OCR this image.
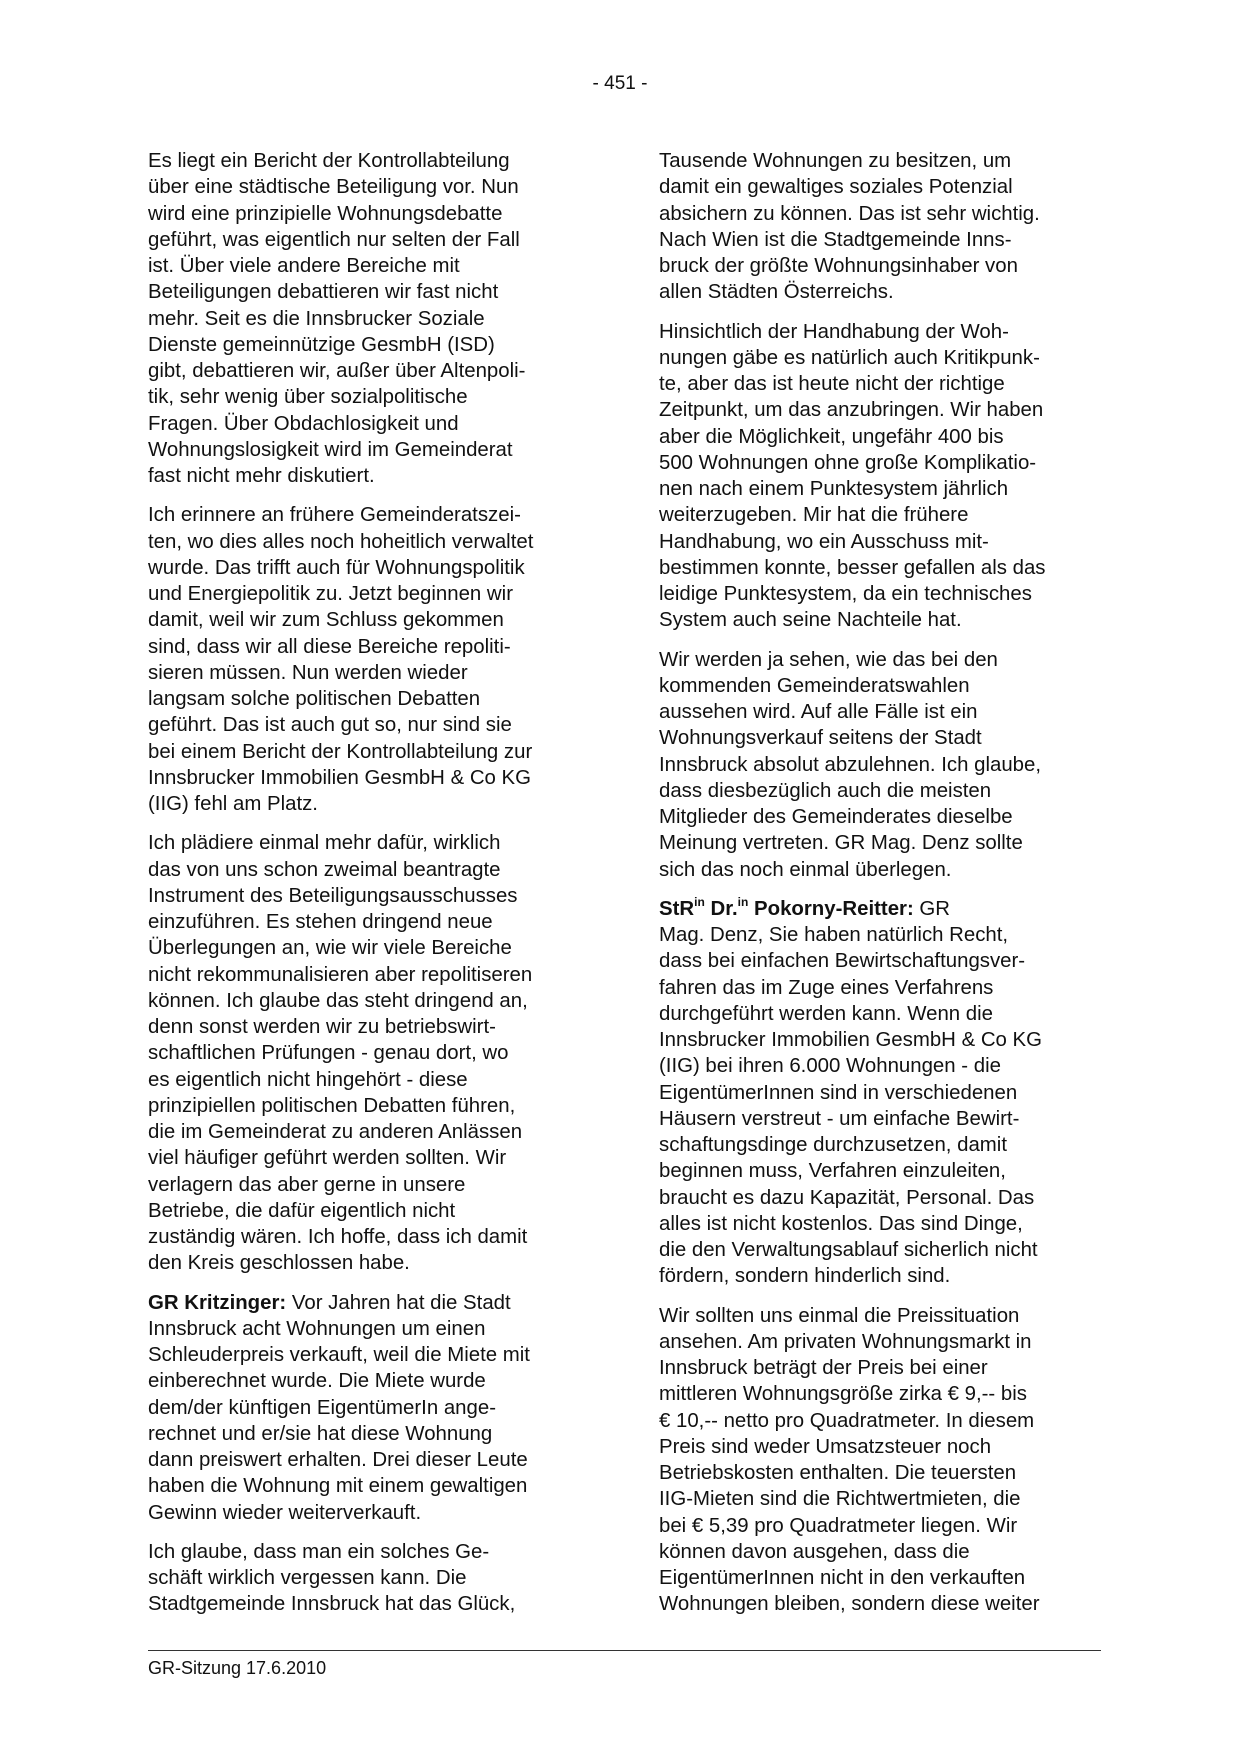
- 451 -

Es liegt ein Bericht der Kontrollabteilung
über eine städtische Beteiligung vor. Nun
wird eine prinzipielle Wohnungsdebatte
geführt, was eigentlich nur selten der Fall
ist. Über viele andere Bereiche mit
Beteiligungen debattieren wir fast nicht
mehr. Seit es die Innsbrucker Soziale
Dienste gemeinnützige GesmbH (ISD)
gibt, debattieren wir, außer über Altenpoli-
tik, sehr wenig über sozialpolitische
Fragen. Über Obdachlosigkeit und
Wohnungslosigkeit wird im Gemeinderat
fast nicht mehr diskutiert.

Ich erinnere an frühere Gemeinderatszei-
ten, wo dies alles noch hoheitlich verwaltet
wurde. Das trifft auch für Wohnungspolitik
und Energiepolitik zu. Jetzt beginnen wir
damit, weil wir zum Schluss gekommen
sind, dass wir all diese Bereiche repoliti-
sieren müssen. Nun werden wieder
langsam solche politischen Debatten
geführt. Das ist auch gut so, nur sind sie
bei einem Bericht der Kontrollabteilung zur
Innsbrucker Immobilien GesmbH & Co KG
(IIG) fehl am Platz.

Ich plädiere einmal mehr dafür, wirklich
das von uns schon zweimal beantragte
Instrument des Beteiligungsausschusses
einzuführen. Es stehen dringend neue
Überlegungen an, wie wir viele Bereiche
nicht rekommunalisieren aber repolitiseren
können. Ich glaube das steht dringend an,
denn sonst werden wir zu betriebswirt-
schaftlichen Prüfungen - genau dort, wo
es eigentlich nicht hingehört - diese
prinzipiellen politischen Debatten führen,
die im Gemeinderat zu anderen Anlässen
viel häufiger geführt werden sollten. Wir
verlagern das aber gerne in unsere
Betriebe, die dafür eigentlich nicht
zuständig wären. Ich hoffe, dass ich damit
den Kreis geschlossen habe.

GR Kritzinger: Vor Jahren hat die Stadt
Innsbruck acht Wohnungen um einen
Schleuderpreis verkauft, weil die Miete mit
einberechnet wurde. Die Miete wurde
dem/der künftigen EigentümerIn ange-
rechnet und er/sie hat diese Wohnung
dann preiswert erhalten. Drei dieser Leute
haben die Wohnung mit einem gewaltigen
Gewinn wieder weiterverkauft.

Ich glaube, dass man ein solches Ge-
schäft wirklich vergessen kann. Die
Stadtgemeinde Innsbruck hat das Glück,

Tausende Wohnungen zu besitzen, um
damit ein gewaltiges soziales Potenzial
absichern zu können. Das ist sehr wichtig.
Nach Wien ist die Stadtgemeinde Inns-
bruck der größte Wohnungsinhaber von
allen Städten Österreichs.

Hinsichtlich der Handhabung der Woh-
nungen gäbe es natürlich auch Kritikpunk-
te, aber das ist heute nicht der richtige
Zeitpunkt, um das anzubringen. Wir haben
aber die Möglichkeit, ungefähr 400 bis
500 Wohnungen ohne große Komplikatio-
nen nach einem Punktesystem jährlich
weiterzugeben. Mir hat die frühere
Handhabung, wo ein Ausschuss mit-
bestimmen konnte, besser gefallen als das
leidige Punktesystem, da ein technisches
System auch seine Nachteile hat.

Wir werden ja sehen, wie das bei den
kommenden Gemeinderatswahlen
aussehen wird. Auf alle Fälle ist ein
Wohnungsverkauf seitens der Stadt
Innsbruck absolut abzulehnen. Ich glaube,
dass diesbezüglich auch die meisten
Mitglieder des Gemeinderates dieselbe
Meinung vertreten. GR Mag. Denz sollte
sich das noch einmal überlegen.

StR$^{in}$ Dr.$^{in}$ Pokorny-Reitter: GR
Mag. Denz, Sie haben natürlich Recht,
dass bei einfachen Bewirtschaftungsver-
fahren das im Zuge eines Verfahrens
durchgeführt werden kann. Wenn die
Innsbrucker Immobilien GesmbH & Co KG
(IIG) bei ihren 6.000 Wohnungen - die
EigentümerInnen sind in verschiedenen
Häusern verstreut - um einfache Bewirt-
schaftungsdinge durchzusetzen, damit
beginnen muss, Verfahren einzuleiten,
braucht es dazu Kapazität, Personal. Das
alles ist nicht kostenlos. Das sind Dinge,
die den Verwaltungsablauf sicherlich nicht
fördern, sondern hinderlich sind.

Wir sollten uns einmal die Preissituation
ansehen. Am privaten Wohnungsmarkt in
Innsbruck beträgt der Preis bei einer
mittleren Wohnungsgröße zirka € 9,-- bis
€ 10,-- netto pro Quadratmeter. In diesem
Preis sind weder Umsatzsteuer noch
Betriebskosten enthalten. Die teuersten
IIG-Mieten sind die Richtwertmieten, die
bei € 5,39 pro Quadratmeter liegen. Wir
können davon ausgehen, dass die
EigentümerInnen nicht in den verkauften
Wohnungen bleiben, sondern diese weiter

GR-Sitzung 17.6.2010
